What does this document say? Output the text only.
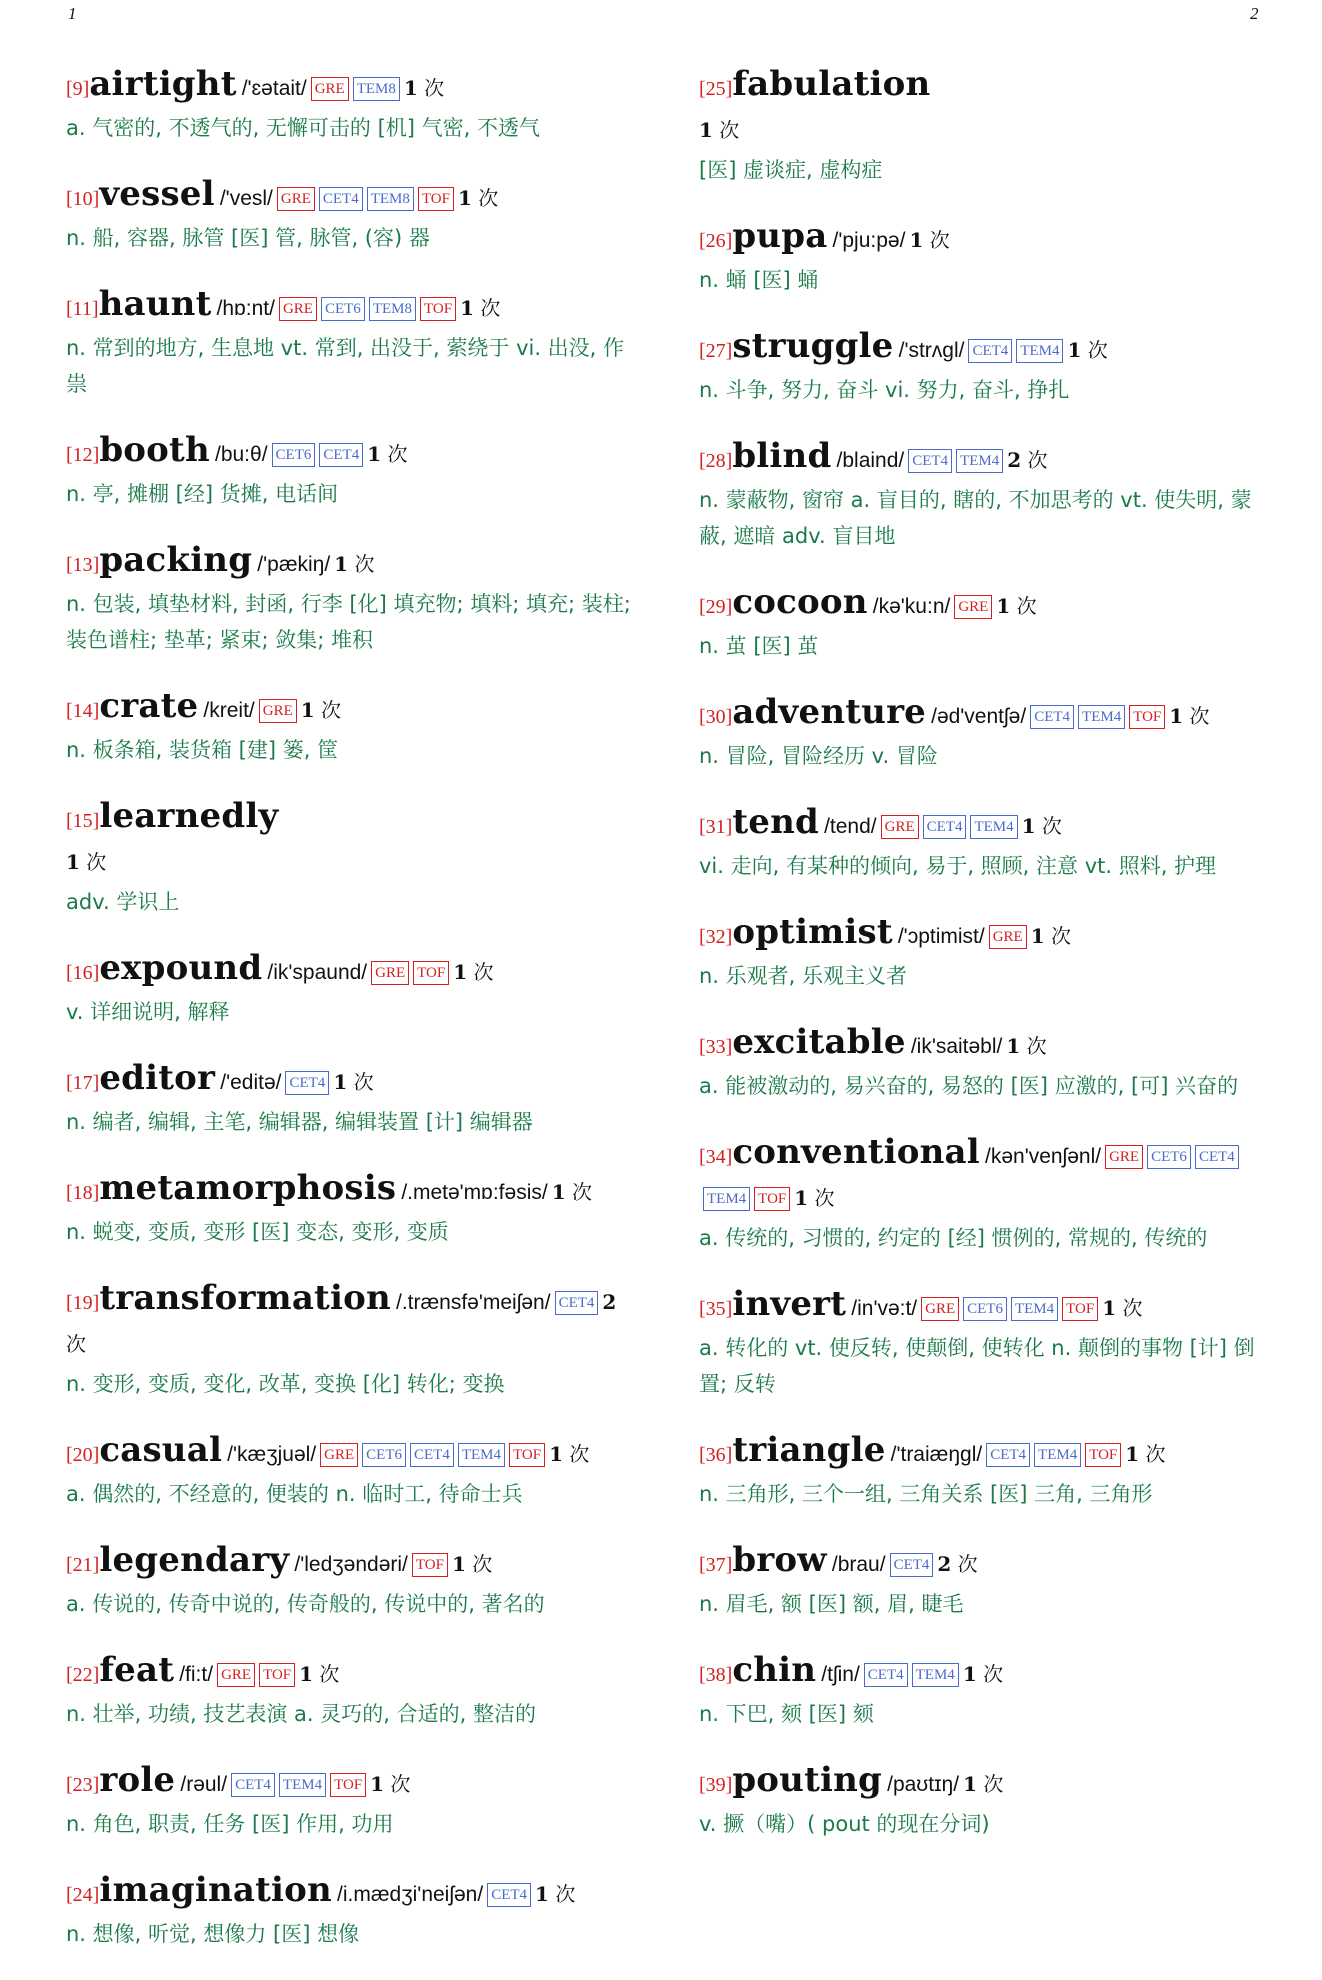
1	2
[9]airtight /'ɛətait/ GRE TEM8 1 次
a. 气密的, 不透气的, 无懈可击的 [机] 气密, 不透气
[10]vessel /'vesl/ GRE CET4 TEM8 TOF 1 次
n. 船, 容器, 脉管 [医] 管, 脉管, (容) 器
[11]haunt /hɒ:nt/ GRE CET6 TEM8 TOF 1 次
n. 常到的地方, 生息地 vt. 常到, 出没于, 萦绕于 vi. 出没, 作祟
[12]booth /bu:θ/ CET6 CET4 1 次
n. 亭, 摊棚 [经] 货摊, 电话间
[13]packing /'pækiŋ/ 1 次
n. 包装, 填垫材料, 封函, 行李 [化] 填充物; 填料; 填充; 装柱; 装色谱柱; 垫革; 紧束; 敛集; 堆积
[14]crate /kreit/ GRE 1 次
n. 板条箱, 装货箱 [建] 篓, 筐
[15]learnedly
1 次
adv. 学识上
[16]expound /ik'spaund/ GRE TOF 1 次
v. 详细说明, 解释
[17]editor /'editə/ CET4 1 次
n. 编者, 编辑, 主笔, 编辑器, 编辑装置 [计] 编辑器
[18]metamorphosis /.metə'mɒ:fəsis/ 1 次
n. 蜕变, 变质, 变形 [医] 变态, 变形, 变质
[19]transformation /.trænsfə'meiʃən/ CET4 2 次
n. 变形, 变质, 变化, 改革, 变换 [化] 转化; 变换
[20]casual /'kæʒjuəl/ GRE CET6 CET4 TEM4 TOF 1 次
a. 偶然的, 不经意的, 便装的 n. 临时工, 待命士兵
[21]legendary /'ledʒəndəri/ TOF 1 次
a. 传说的, 传奇中说的, 传奇般的, 传说中的, 著名的
[22]feat /fi:t/ GRE TOF 1 次
n. 壮举, 功绩, 技艺表演 a. 灵巧的, 合适的, 整洁的
[23]role /rəul/ CET4 TEM4 TOF 1 次
n. 角色, 职责, 任务 [医] 作用, 功用
[24]imagination /i.mædʒi'neiʃən/ CET4 1 次
n. 想像, 听觉, 想像力 [医] 想像
[25]fabulation
1 次
[医] 虚谈症, 虚构症
[26]pupa /'pju:pə/ 1 次
n. 蛹 [医] 蛹
[27]struggle /'strʌgl/ CET4 TEM4 1 次
n. 斗争, 努力, 奋斗 vi. 努力, 奋斗, 挣扎
[28]blind /blaind/ CET4 TEM4 2 次
n. 蒙蔽物, 窗帘 a. 盲目的, 瞎的, 不加思考的 vt. 使失明, 蒙蔽, 遮暗 adv. 盲目地
[29]cocoon /kə'ku:n/ GRE 1 次
n. 茧 [医] 茧
[30]adventure /əd'ventʃə/ CET4 TEM4 TOF 1 次
n. 冒险, 冒险经历 v. 冒险
[31]tend /tend/ GRE CET4 TEM4 1 次
vi. 走向, 有某种的倾向, 易于, 照顾, 注意 vt. 照料, 护理
[32]optimist /'ɔptimist/ GRE 1 次
n. 乐观者, 乐观主义者
[33]excitable /ik'saitəbl/ 1 次
a. 能被激动的, 易兴奋的, 易怒的 [医] 应激的, [可] 兴奋的
[34]conventional /kən'venʃənl/ GRE CET6 CET4TEM4 TOF 1 次
a. 传统的, 习惯的, 约定的 [经] 惯例的, 常规的, 传统的
[35]invert /in'və:t/ GRE CET6 TEM4 TOF 1 次
a. 转化的 vt. 使反转, 使颠倒, 使转化 n. 颠倒的事物 [计] 倒置; 反转
[36]triangle /'traiæŋgl/ CET4 TEM4 TOF 1 次
n. 三角形, 三个一组, 三角关系 [医] 三角, 三角形
[37]brow /brau/ CET4 2 次
n. 眉毛, 额 [医] 额, 眉, 睫毛
[38]chin /tʃin/ CET4 TEM4 1 次
n. 下巴, 颏 [医] 颏
[39]pouting /paʊtɪŋ/ 1 次
v. 撅（嘴）( pout 的现在分词)
